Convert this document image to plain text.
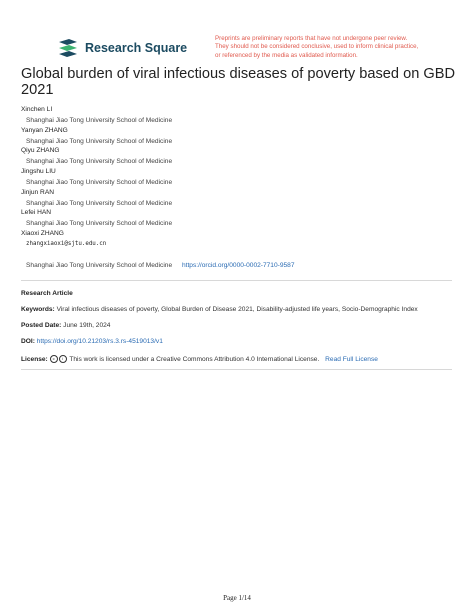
Research Square
Preprints are preliminary reports that have not undergone peer review.
They should not be considered conclusive, used to inform clinical practice,
or referenced by the media as validated information.
Global burden of viral infectious diseases of poverty based on GBD
2021
Xinchen LI
Shanghai Jiao Tong University School of Medicine
Yanyan ZHANG
Shanghai Jiao Tong University School of Medicine
Qiyu ZHANG
Shanghai Jiao Tong University School of Medicine
Jingshu LIU
Shanghai Jiao Tong University School of Medicine
Jinjun RAN
Shanghai Jiao Tong University School of Medicine
Lefei HAN
Shanghai Jiao Tong University School of Medicine
Xiaoxi ZHANG
zhangxiaoxi@sjtu.edu.cn
Shanghai Jiao Tong University School of Medicine https://orcid.org/0000-0002-7710-9587
Research Article
Keywords: Viral infectious diseases of poverty, Global Burden of Disease 2021, Disability-adjusted life years, Socio-Demographic Index
Posted Date: June 19th, 2024
DOI: https://doi.org/10.21203/rs.3.rs-4519013/v1
License: c i This work is licensed under a Creative Commons Attribution 4.0 International License. Read Full License
Page 1/14
